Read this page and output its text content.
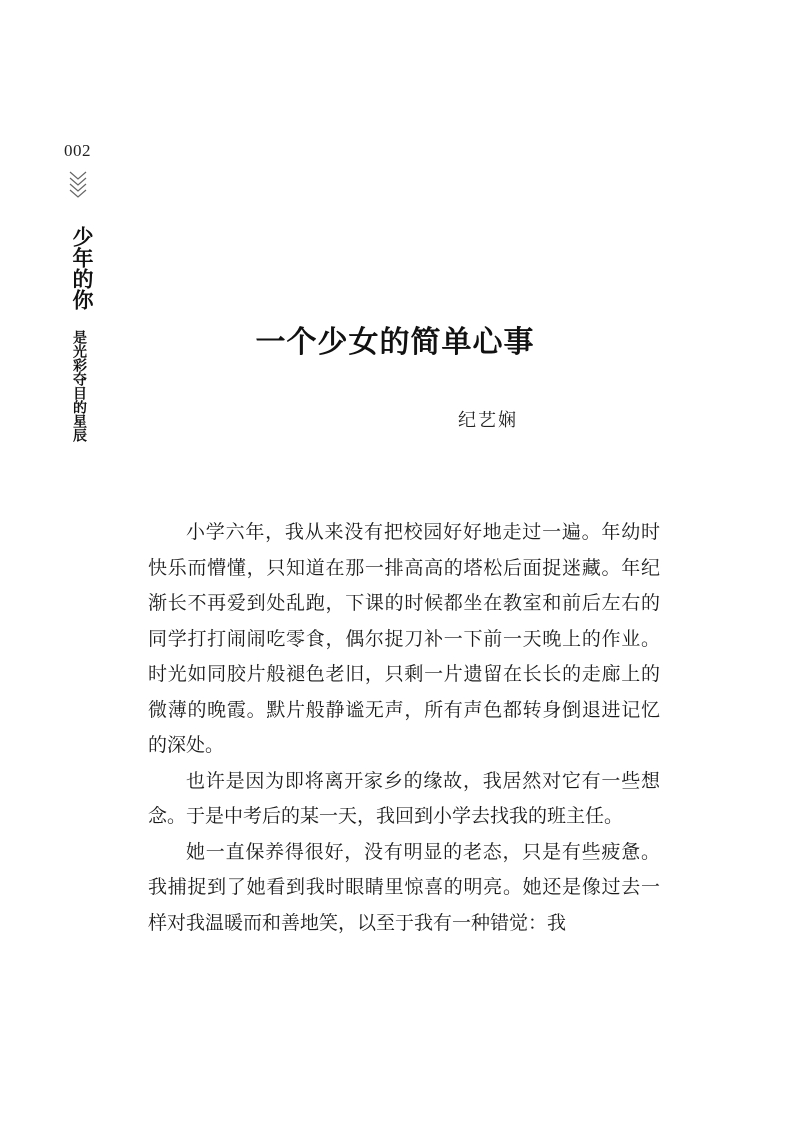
002
少年的你
是光彩夺目的星辰	一个少女的简单心事
纪艺娴

小学六年，我从来没有把校园好好地走过一遍。年幼时快乐而懵懂，只知道在那一排高高的塔松后面捉迷藏。年纪渐长不再爱到处乱跑，下课的时候都坐在教室和前后左右的同学打打闹闹吃零食，偶尔捉刀补一下前一天晚上的作业。时光如同胶片般褪色老旧，只剩一片遗留在长长的走廊上的微薄的晚霞。默片般静谧无声，所有声色都转身倒退进记忆的深处。

也许是因为即将离开家乡的缘故，我居然对它有一些想念。于是中考后的某一天，我回到小学去找我的班主任。

她一直保养得很好，没有明显的老态，只是有些疲惫。我捕捉到了她看到我时眼睛里惊喜的明亮。她还是像过去一样对我温暖而和善地笑，以至于我有一种错觉：我
